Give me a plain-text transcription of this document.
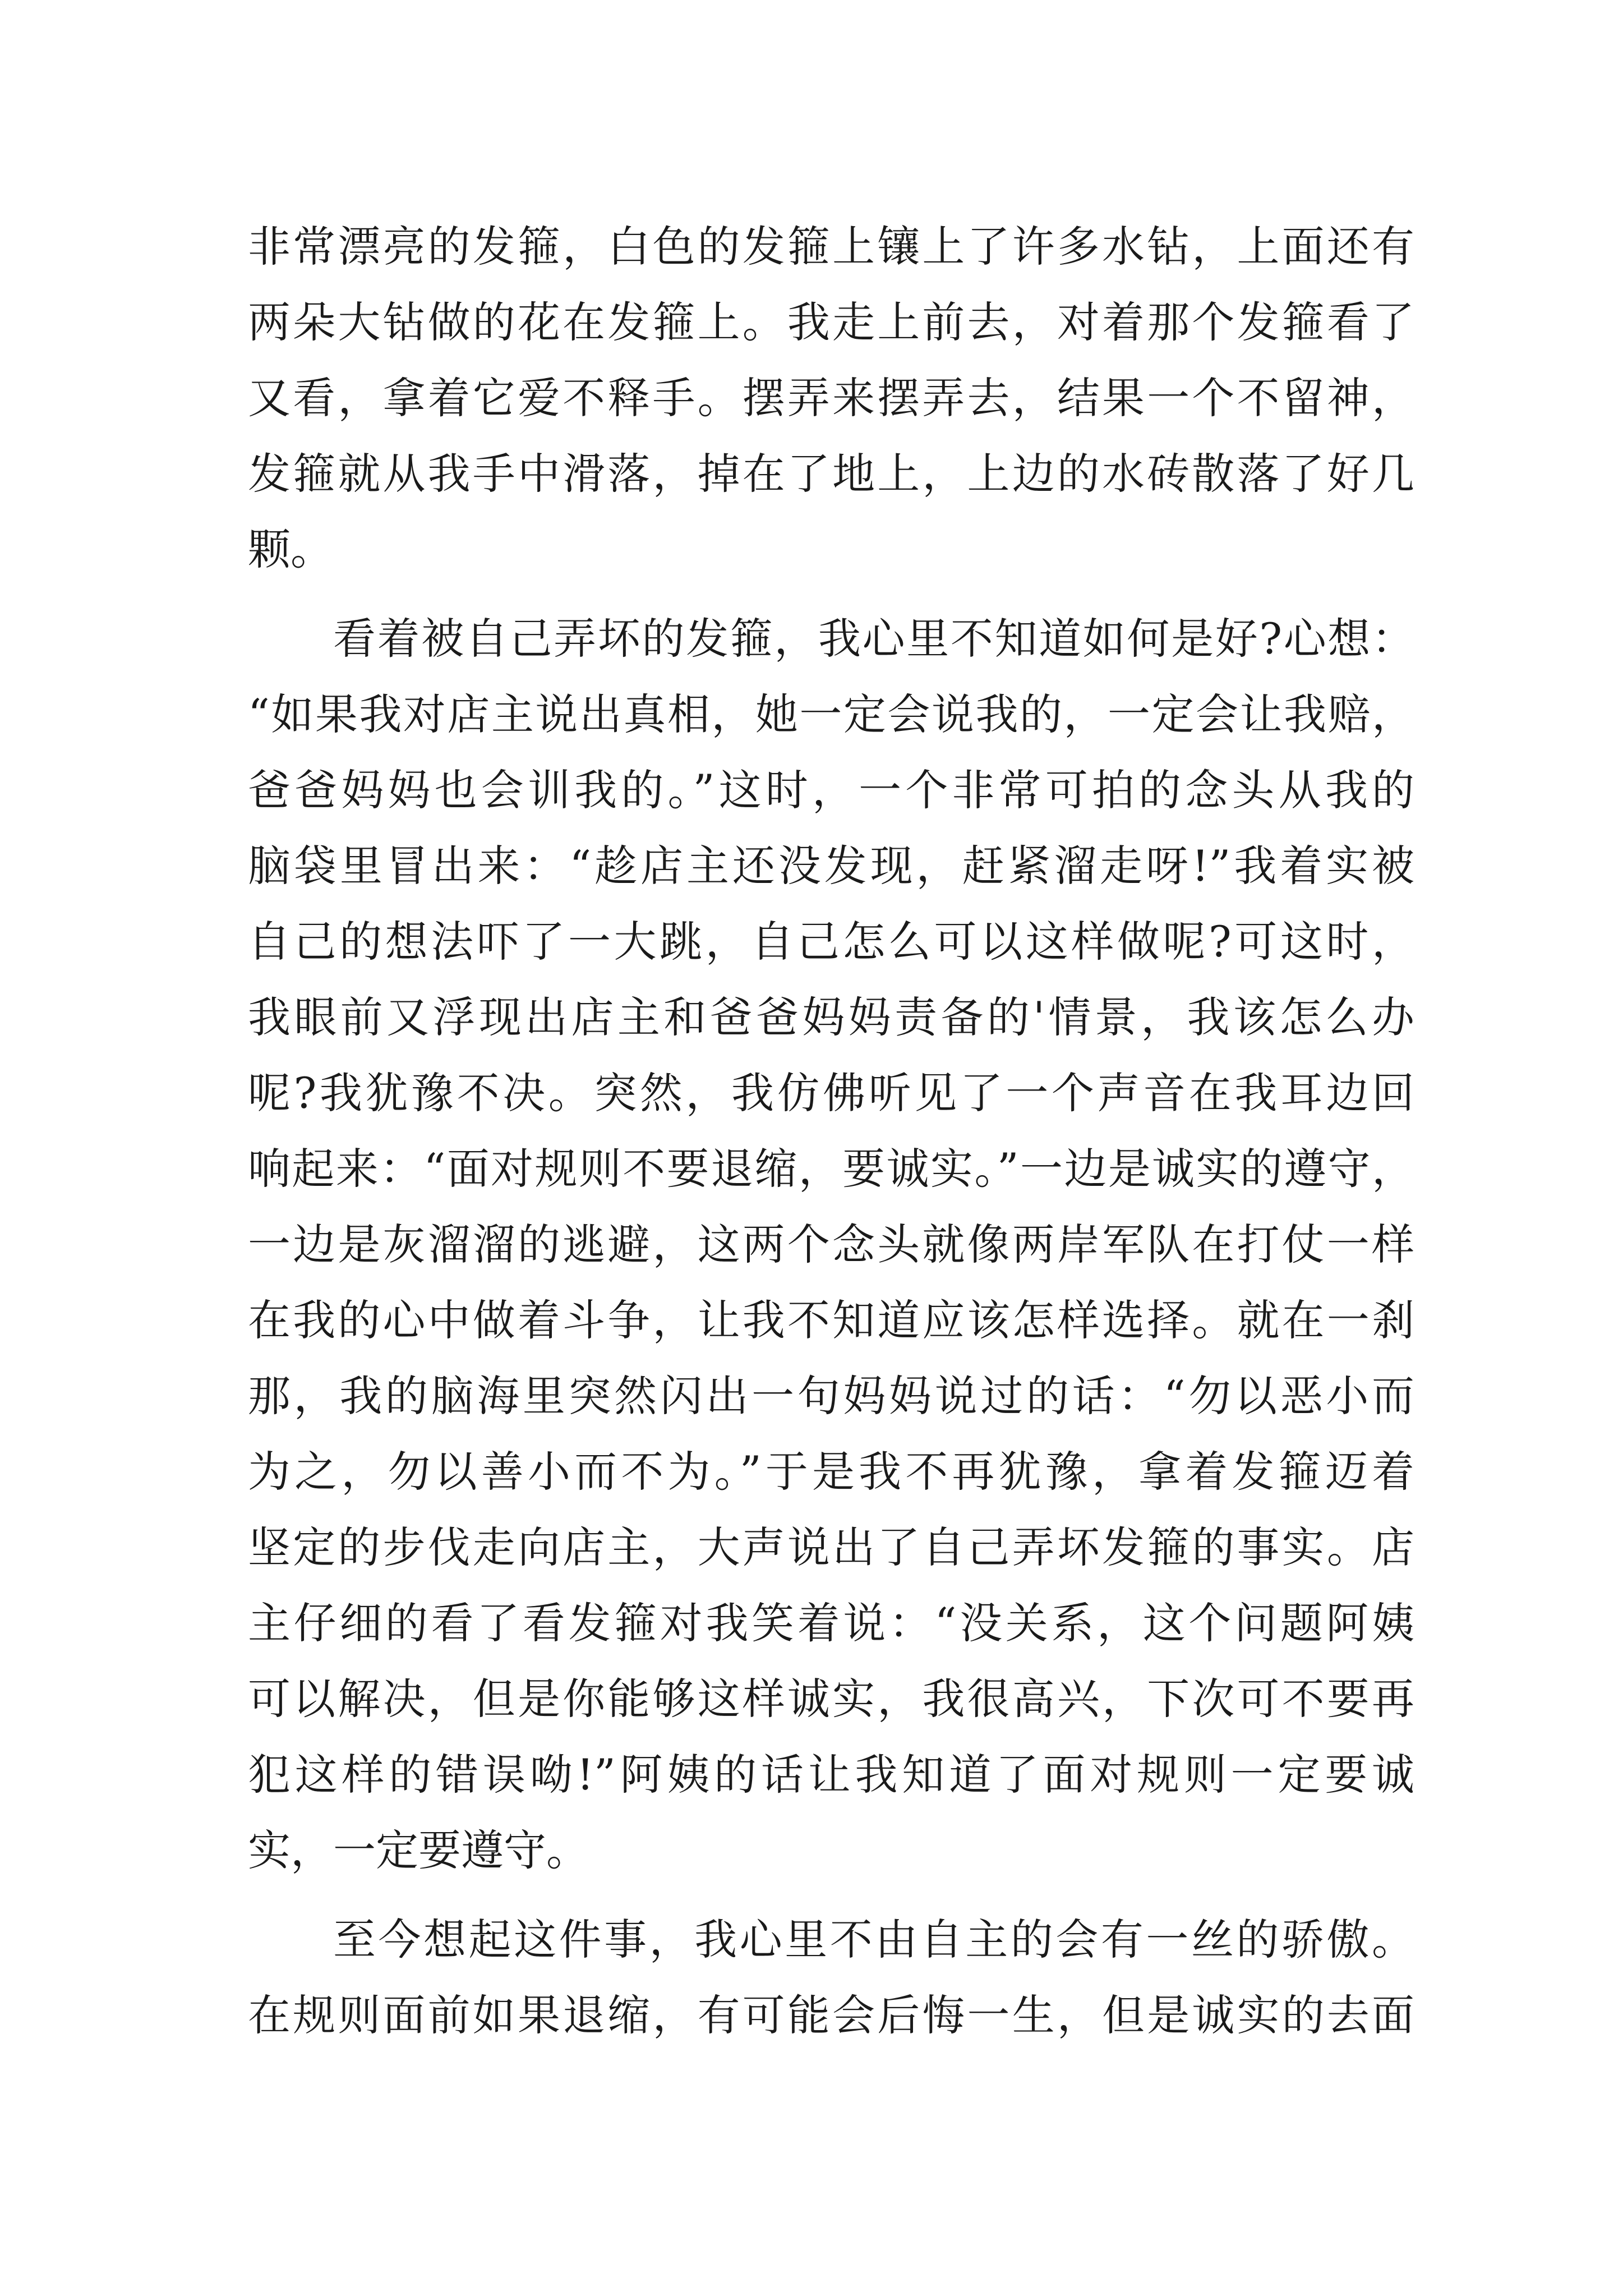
非常漂亮的发箍，白色的发箍上镶上了许多水钻，上面还有
两朵大钻做的花在发箍上。我走上前去，对着那个发箍看了
又看，拿着它爱不释手。摆弄来摆弄去，结果一个不留神，
发箍就从我手中滑落，掉在了地上，上边的水砖散落了好几
颗。
看着被自己弄坏的发箍，我心里不知道如何是好?心想：
“如果我对店主说出真相，她一定会说我的，一定会让我赔，
爸爸妈妈也会训我的。”这时，一个非常可拍的念头从我的
脑袋里冒出来：“趁店主还没发现，赶紧溜走呀!”我着实被
自己的想法吓了一大跳，自己怎么可以这样做呢?可这时，
我眼前又浮现出店主和爸爸妈妈责备的'情景，我该怎么办
呢?我犹豫不决。突然，我仿佛听见了一个声音在我耳边回
响起来：“面对规则不要退缩，要诚实。”一边是诚实的遵守，
一边是灰溜溜的逃避，这两个念头就像两岸军队在打仗一样
在我的心中做着斗争，让我不知道应该怎样选择。就在一刹
那，我的脑海里突然闪出一句妈妈说过的话：“勿以恶小而
为之，勿以善小而不为。”于是我不再犹豫，拿着发箍迈着
坚定的步伐走向店主，大声说出了自己弄坏发箍的事实。店
主仔细的看了看发箍对我笑着说：“没关系，这个问题阿姨
可以解决，但是你能够这样诚实，我很高兴，下次可不要再
犯这样的错误呦!”阿姨的话让我知道了面对规则一定要诚
实，一定要遵守。
至今想起这件事，我心里不由自主的会有一丝的骄傲。
在规则面前如果退缩，有可能会后悔一生，但是诚实的去面
